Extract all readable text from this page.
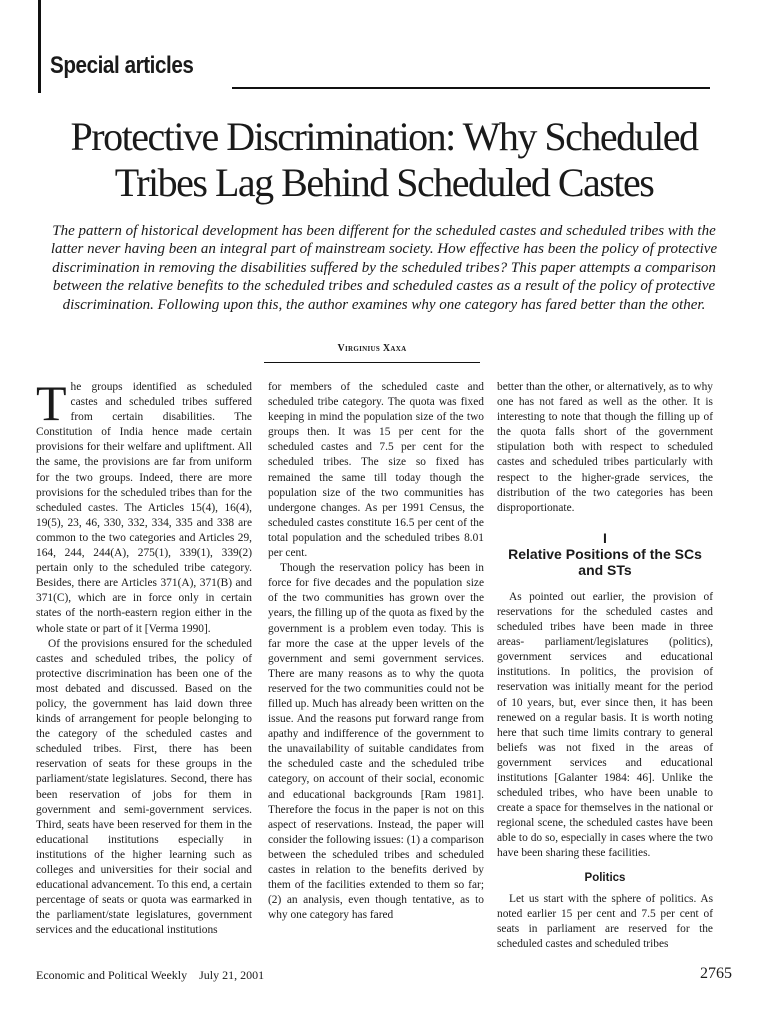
Special articles
Protective Discrimination: Why Scheduled Tribes Lag Behind Scheduled Castes

The pattern of historical development has been different for the scheduled castes and scheduled tribes with the latter never having been an integral part of mainstream society. How effective has been the policy of protective discrimination in removing the disabilities suffered by the scheduled tribes? This paper attempts a comparison between the relative benefits to the scheduled tribes and scheduled castes as a result of the policy of protective discrimination. Following upon this, the author examines why one category has fared better than the other.

Virginius Xaxa

The groups identified as scheduled castes and scheduled tribes suffered from certain disabilities. The Constitution of India hence made certain provisions for their welfare and upliftment. All the same, the provisions are far from uniform for the two groups. Indeed, there are more provisions for the scheduled tribes than for the scheduled castes. The Articles 15(4), 16(4), 19(5), 23, 46, 330, 332, 334, 335 and 338 are common to the two categories and Articles 29, 164, 244, 244(A), 275(1), 339(1), 339(2) pertain only to the scheduled tribe category. Besides, there are Articles 371(A), 371(B) and 371(C), which are in force only in certain states of the north-eastern region either in the whole state or part of it [Verma 1990].

Of the provisions ensured for the scheduled castes and scheduled tribes, the policy of protective discrimination has been one of the most debated and discussed. Based on the policy, the government has laid down three kinds of arrangement for people belonging to the category of the scheduled castes and scheduled tribes. First, there has been reservation of seats for these groups in the parliament/state legislatures. Second, there has been reservation of jobs for them in government and semi-government services. Third, seats have been reserved for them in the educational institutions especially in institutions of the higher learning such as colleges and universities for their social and educational advancement. To this end, a certain percentage of seats or quota was earmarked in the parliament/state legislatures, government services and the educational institutions

for members of the scheduled caste and scheduled tribe category. The quota was fixed keeping in mind the population size of the two groups then. It was 15 per cent for the scheduled castes and 7.5 per cent for the scheduled tribes. The size so fixed has remained the same till today though the population size of the two communities has undergone changes. As per 1991 Census, the scheduled castes constitute 16.5 per cent of the total population and the scheduled tribes 8.01 per cent.

Though the reservation policy has been in force for five decades and the population size of the two communities has grown over the years, the filling up of the quota as fixed by the government is a problem even today. This is far more the case at the upper levels of the government and semi government services. There are many reasons as to why the quota reserved for the two communities could not be filled up. Much has already been written on the issue. And the reasons put forward range from apathy and indifference of the government to the unavailability of suitable candidates from the scheduled caste and the scheduled tribe category, on account of their social, economic and educational backgrounds [Ram 1981]. Therefore the focus in the paper is not on this aspect of reservations. Instead, the paper will consider the following issues: (1) a comparison between the scheduled tribes and scheduled castes in relation to the benefits derived by them of the facilities extended to them so far; (2) an analysis, even though tentative, as to why one category has fared

better than the other, or alternatively, as to why one has not fared as well as the other. It is interesting to note that though the filling up of the quota falls short of the government stipulation both with respect to scheduled castes and scheduled tribes particularly with respect to the higher-grade services, the distribution of the two categories has been disproportionate.

I
Relative Positions of the SCs and STs

As pointed out earlier, the provision of reservations for the scheduled castes and scheduled tribes have been made in three areas- parliament/legislatures (politics), government services and educational institutions. In politics, the provision of reservation was initially meant for the period of 10 years, but, ever since then, it has been renewed on a regular basis. It is worth noting here that such time limits contrary to general beliefs was not fixed in the areas of government services and educational institutions [Galanter 1984: 46]. Unlike the scheduled tribes, who have been unable to create a space for themselves in the national or regional scene, the scheduled castes have been able to do so, especially in cases where the two have been sharing these facilities.

Politics

Let us start with the sphere of politics. As noted earlier 15 per cent and 7.5 per cent of seats in parliament are reserved for the scheduled castes and scheduled tribes

Economic and Political Weekly July 21, 2001	2765
